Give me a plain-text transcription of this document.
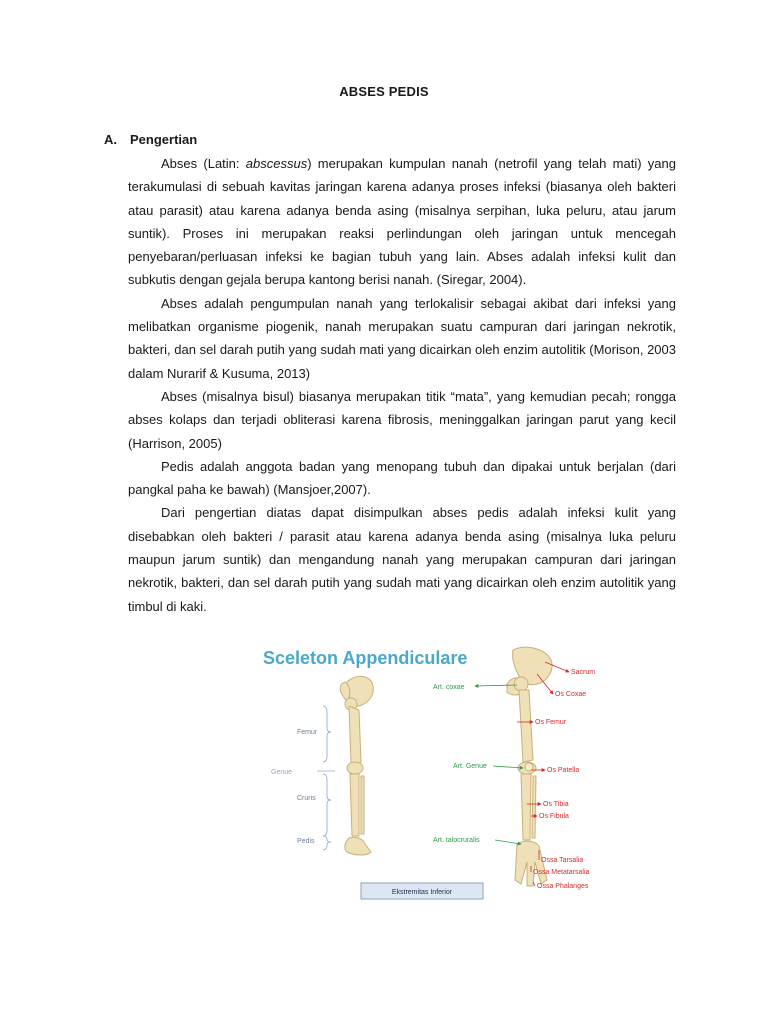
ABSES PEDIS
A. Pengertian

Abses (Latin: abscessus) merupakan kumpulan nanah (netrofil yang telah mati) yang terakumulasi di sebuah kavitas jaringan karena adanya proses infeksi (biasanya oleh bakteri atau parasit) atau karena adanya benda asing (misalnya serpihan, luka peluru, atau jarum suntik). Proses ini merupakan reaksi perlindungan oleh jaringan untuk mencegah penyebaran/perluasan infeksi ke bagian tubuh yang lain. Abses adalah infeksi kulit dan subkutis dengan gejala berupa kantong berisi nanah. (Siregar, 2004).

Abses adalah pengumpulan nanah yang terlokalisir sebagai akibat dari infeksi yang melibatkan organisme piogenik, nanah merupakan suatu campuran dari jaringan nekrotik, bakteri, dan sel darah putih yang sudah mati yang dicairkan oleh enzim autolitik (Morison, 2003 dalam Nurarif & Kusuma, 2013)

Abses (misalnya bisul) biasanya merupakan titik “mata”, yang kemudian pecah; rongga abses kolaps dan terjadi obliterasi karena fibrosis, meninggalkan jaringan parut yang kecil (Harrison, 2005)

Pedis adalah anggota badan yang menopang tubuh dan dipakai untuk berjalan (dari pangkal paha ke bawah) (Mansjoer,2007).

Dari pengertian diatas dapat disimpulkan abses pedis adalah infeksi kulit yang disebabkan oleh bakteri / parasit atau karena adanya benda asing (misalnya luka peluru maupun jarum suntik) dan mengandung nanah yang merupakan campuran dari jaringan nekrotik, bakteri, dan sel darah putih yang sudah mati yang dicairkan oleh enzim autolitik yang timbul di kaki.

Sceleton Appendiculare
Femur
Genue
Cruris
Pedis
Art. coxae
Art. Genue
Art. talocruralis
Sacrum
Os Coxae
Os Femur
Os Patella
Os Tibia
Os Fibula
Ossa Tarsalia
Ossa Metatarsalia
Ossa Phalanges
Ekstremitas Inferior
